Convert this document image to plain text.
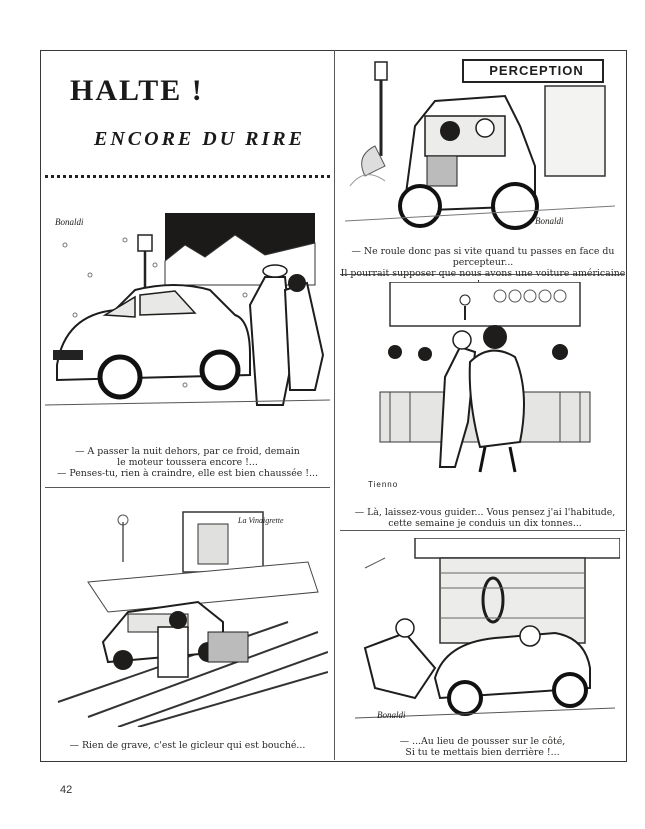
HALTE !
ENCORE DU RIRE
Bonaldi
— A passer la nuit dehors, par ce froid, demain
le moteur toussera encore !...
— Penses-tu, rien à craindre, elle est bien chaussée !...
PERCEPTION
Bonaldi
— Ne roule donc pas si vite quand tu passes en face du percepteur...
Il pourrait supposer que nous avons une voiture américaine
Tienno
— Là, laissez-vous guider... Vous pensez j'ai l'habitude,
cette semaine je conduis un dix tonnes...
La Vinaigrette
— Rien de grave, c'est le gicleur qui est bouché...
Bonaldi
— ...Au lieu de pousser sur le côté,
Si tu te mettais bien derrière !...
42
